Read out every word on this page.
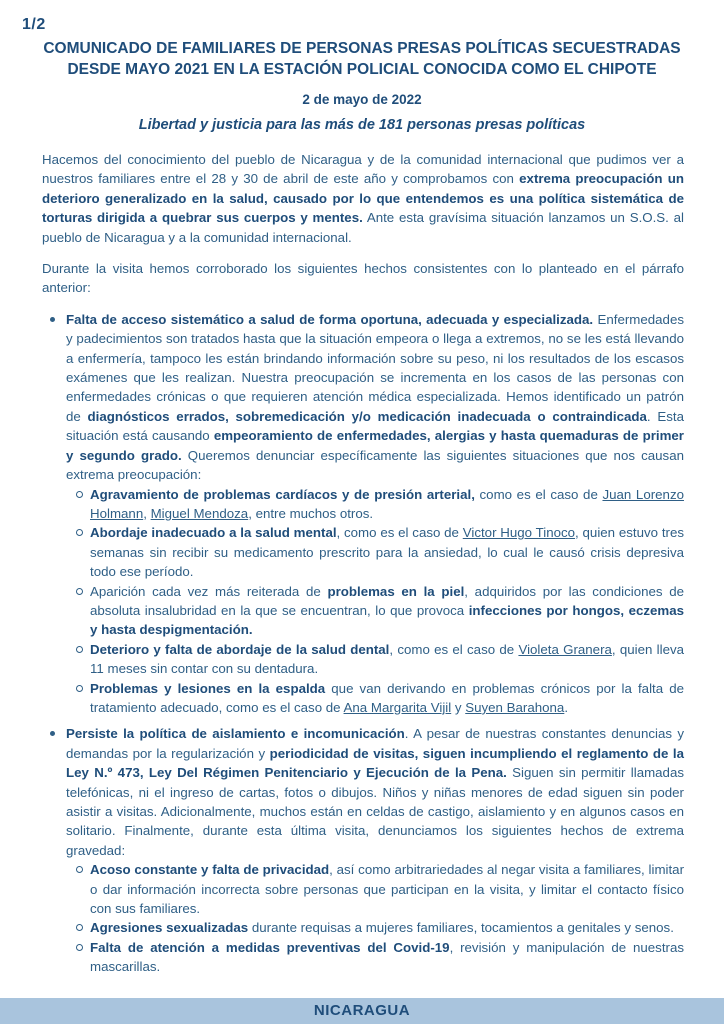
1/2
COMUNICADO DE FAMILIARES DE PERSONAS PRESAS POLÍTICAS SECUESTRADAS DESDE MAYO 2021 EN LA ESTACIÓN POLICIAL CONOCIDA COMO EL CHIPOTE
2 de mayo de 2022
Libertad y justicia para las más de 181 personas presas políticas

Hacemos del conocimiento del pueblo de Nicaragua y de la comunidad internacional que pudimos ver a nuestros familiares entre el 28 y 30 de abril de este año y comprobamos con extrema preocupación un deterioro generalizado en la salud, causado por lo que entendemos es una política sistemática de torturas dirigida a quebrar sus cuerpos y mentes. Ante esta gravísima situación lanzamos un S.O.S. al pueblo de Nicaragua y a la comunidad internacional.

Durante la visita hemos corroborado los siguientes hechos consistentes con lo planteado en el párrafo anterior:

Falta de acceso sistemático a salud de forma oportuna, adecuada y especializada. Enfermedades y padecimientos son tratados hasta que la situación empeora o llega a extremos, no se les está llevando a enfermería, tampoco les están brindando información sobre su peso, ni los resultados de los escasos exámenes que les realizan. Nuestra preocupación se incrementa en los casos de las personas con enfermedades crónicas o que requieren atención médica especializada. Hemos identificado un patrón de diagnósticos errados, sobremedicación y/o medicación inadecuada o contraindicada. Esta situación está causando empeoramiento de enfermedades, alergias y hasta quemaduras de primer y segundo grado. Queremos denunciar específicamente las siguientes situaciones que nos causan extrema preocupación:
Agravamiento de problemas cardíacos y de presión arterial, como es el caso de Juan Lorenzo Holmann, Miguel Mendoza, entre muchos otros.
Abordaje inadecuado a la salud mental, como es el caso de Victor Hugo Tinoco, quien estuvo tres semanas sin recibir su medicamento prescrito para la ansiedad, lo cual le causó crisis depresiva todo ese período.
Aparición cada vez más reiterada de problemas en la piel, adquiridos por las condiciones de absoluta insalubridad en la que se encuentran, lo que provoca infecciones por hongos, eczemas y hasta despigmentación.
Deterioro y falta de abordaje de la salud dental, como es el caso de Violeta Granera, quien lleva 11 meses sin contar con su dentadura.
Problemas y lesiones en la espalda que van derivando en problemas crónicos por la falta de tratamiento adecuado, como es el caso de Ana Margarita Vijil y Suyen Barahona.
Persiste la política de aislamiento e incomunicación. A pesar de nuestras constantes denuncias y demandas por la regularización y periodicidad de visitas, siguen incumpliendo el reglamento de la Ley N.º 473, Ley Del Régimen Penitenciario y Ejecución de la Pena. Siguen sin permitir llamadas telefónicas, ni el ingreso de cartas, fotos o dibujos. Niños y niñas menores de edad siguen sin poder asistir a visitas. Adicionalmente, muchos están en celdas de castigo, aislamiento y en algunos casos en solitario. Finalmente, durante esta última visita, denunciamos los siguientes hechos de extrema gravedad:
Acoso constante y falta de privacidad, así como arbitrariedades al negar visita a familiares, limitar o dar información incorrecta sobre personas que participan en la visita, y limitar el contacto físico con sus familiares.
Agresiones sexualizadas durante requisas a mujeres familiares, tocamientos a genitales y senos.
Falta de atención a medidas preventivas del Covid-19, revisión y manipulación de nuestras mascarillas.
NICARAGUA
